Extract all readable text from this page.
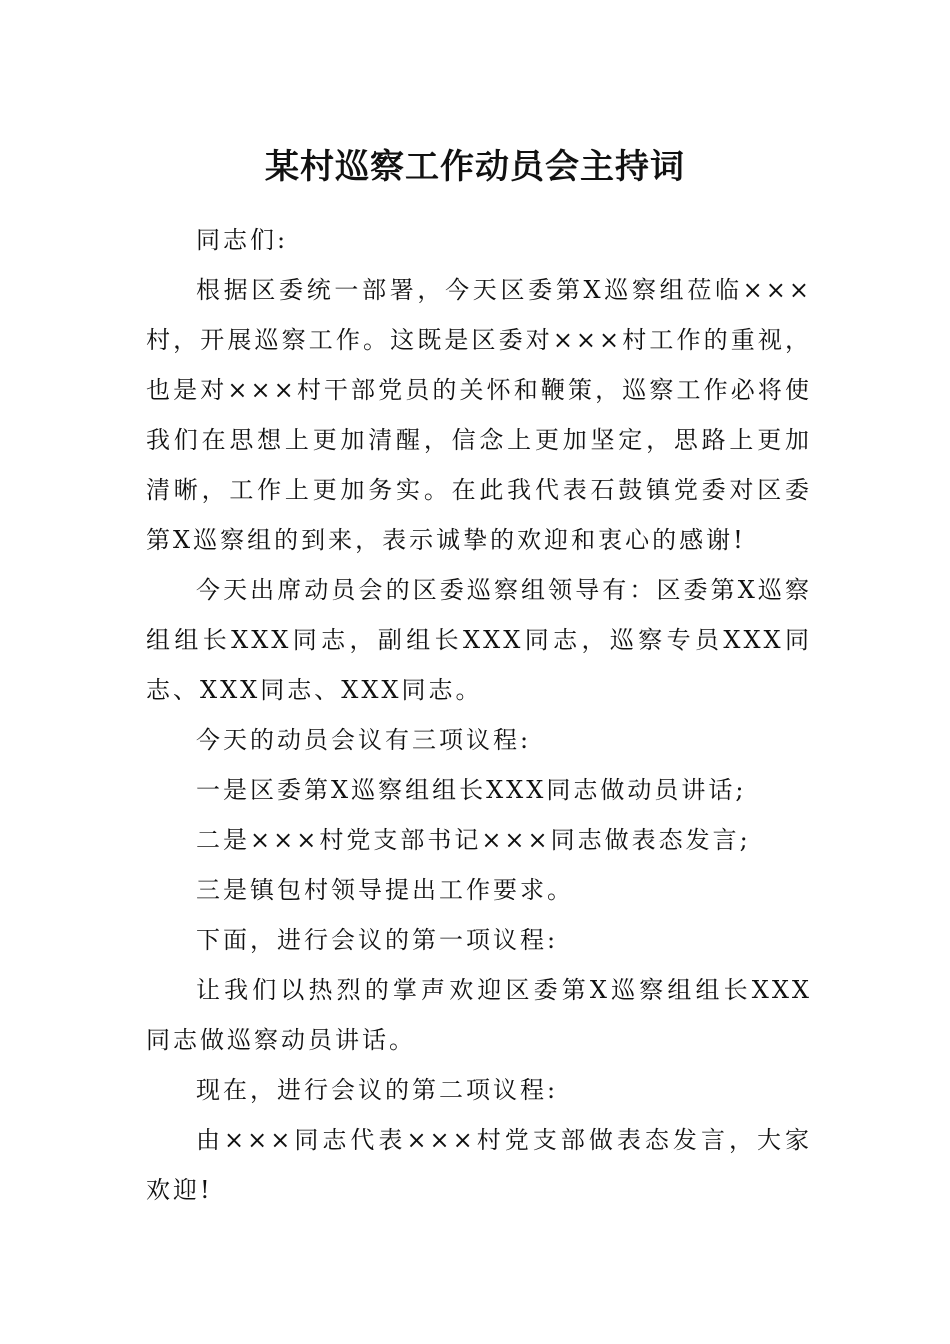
某村巡察工作动员会主持词

同志们:

根据区委统一部署，今天区委第X巡察组莅临×××村，开展巡察工作。这既是区委对×××村工作的重视，也是对×××村干部党员的关怀和鞭策，巡察工作必将使我们在思想上更加清醒，信念上更加坚定，思路上更加清晰，工作上更加务实。在此我代表石鼓镇党委对区委第X巡察组的到来，表示诚挚的欢迎和衷心的感谢!

今天出席动员会的区委巡察组领导有：区委第X巡察组组长XXX同志，副组长XXX同志，巡察专员XXX同志、XXX同志、XXX同志。

今天的动员会议有三项议程:

一是区委第X巡察组组长XXX同志做动员讲话;

二是×××村党支部书记×××同志做表态发言;

三是镇包村领导提出工作要求。

下面，进行会议的第一项议程:

让我们以热烈的掌声欢迎区委第X巡察组组长XXX同志做巡察动员讲话。

现在，进行会议的第二项议程:

由×××同志代表×××村党支部做表态发言，大家欢迎!
